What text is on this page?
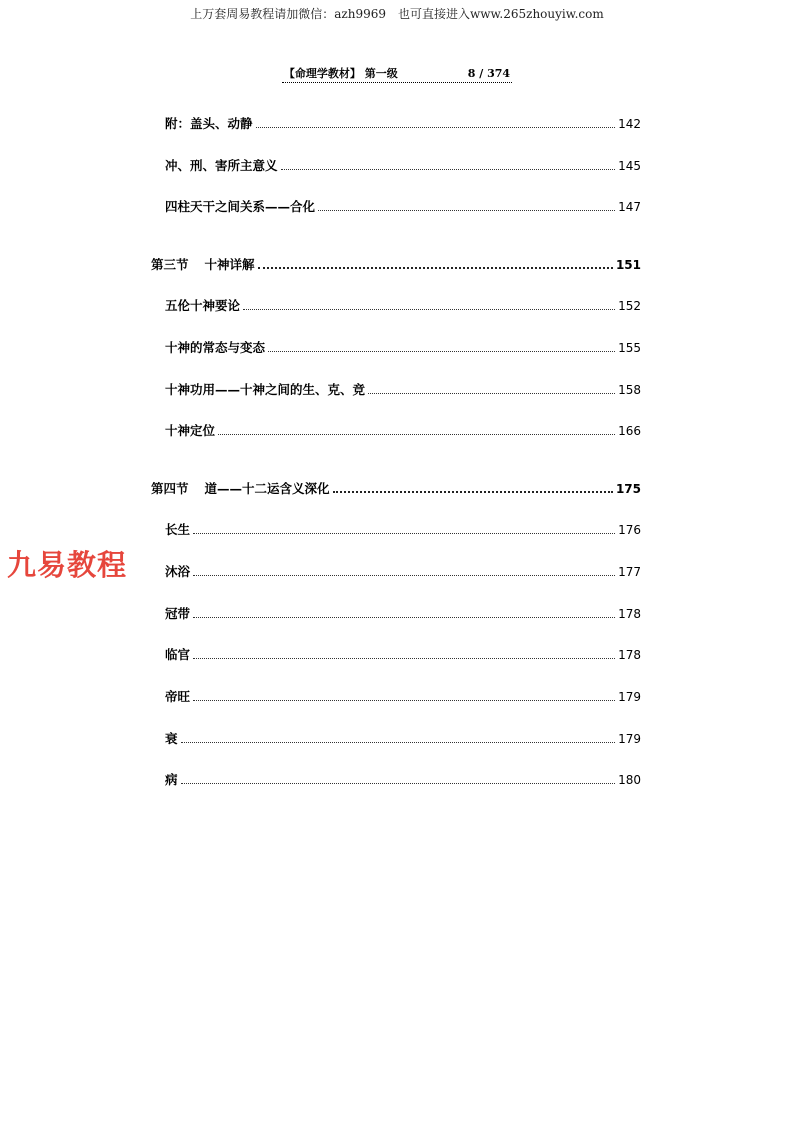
上万套周易教程请加微信：azh9969 也可直接进入www.265zhouyiw.com
【命理学教材】 第一级	8 / 374
九易教程
附：盖头、动静	142
冲、刑、害所主意义	145
四柱天干之间关系——合化	147
第三节 十神详解	151
五伦十神要论	152
十神的常态与变态	155
十神功用——十神之间的生、克、竞	158
十神定位	166
第四节 道——十二运含义深化	175
长生	176
沐浴	177
冠带	178
临官	178
帝旺	179
衰	179
病	180
